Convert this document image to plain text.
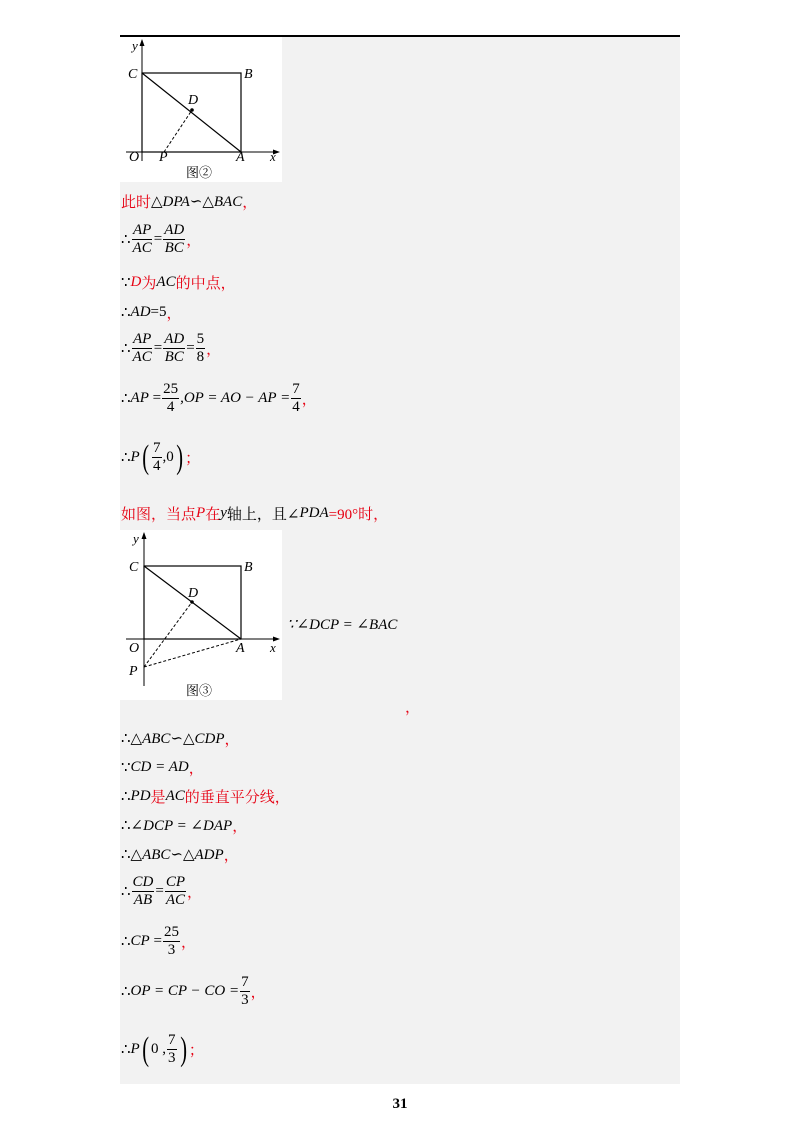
y
C	B
D
O P	A x
图②
此时 △DPA∽△BAC ，
∴ $\frac{AP}{AC} = \frac{AD}{BC}$ ，
∵ D 为 AC 的中点，
∴ AD =5 ，
∴ $\frac{AP}{AC} = \frac{AD}{BC} = \frac{5}{8}$ ，
∴ AP = $\frac{25}{4} ,OP$ = AO − AP = $\frac{7}{4}$ ，
∴ P ( $\frac{7}{4} ,0$ ) ；
如图，当点 P 在 y 轴上，且∠ PDA =90°时，
y
C	B
D
O	A x
P
图③
∵∠DCP = ∠BAC
，
∴ △ABC∽△CDP ，
∵ CD = AD ，
∴ PD 是 AC 的垂直平分线，
∴ ∠DCP = ∠DAP ，
∴ △ABC∽△ADP ，
∴ $\frac{CD}{AB} = \frac{CP}{AC}$ ，
∴ CP = $\frac{25}{3}$ ，
∴ OP = CP − CO = $\frac{7}{3}$ ，
∴ P ( 0 , $\frac{7}{3}$ ) ；
31
